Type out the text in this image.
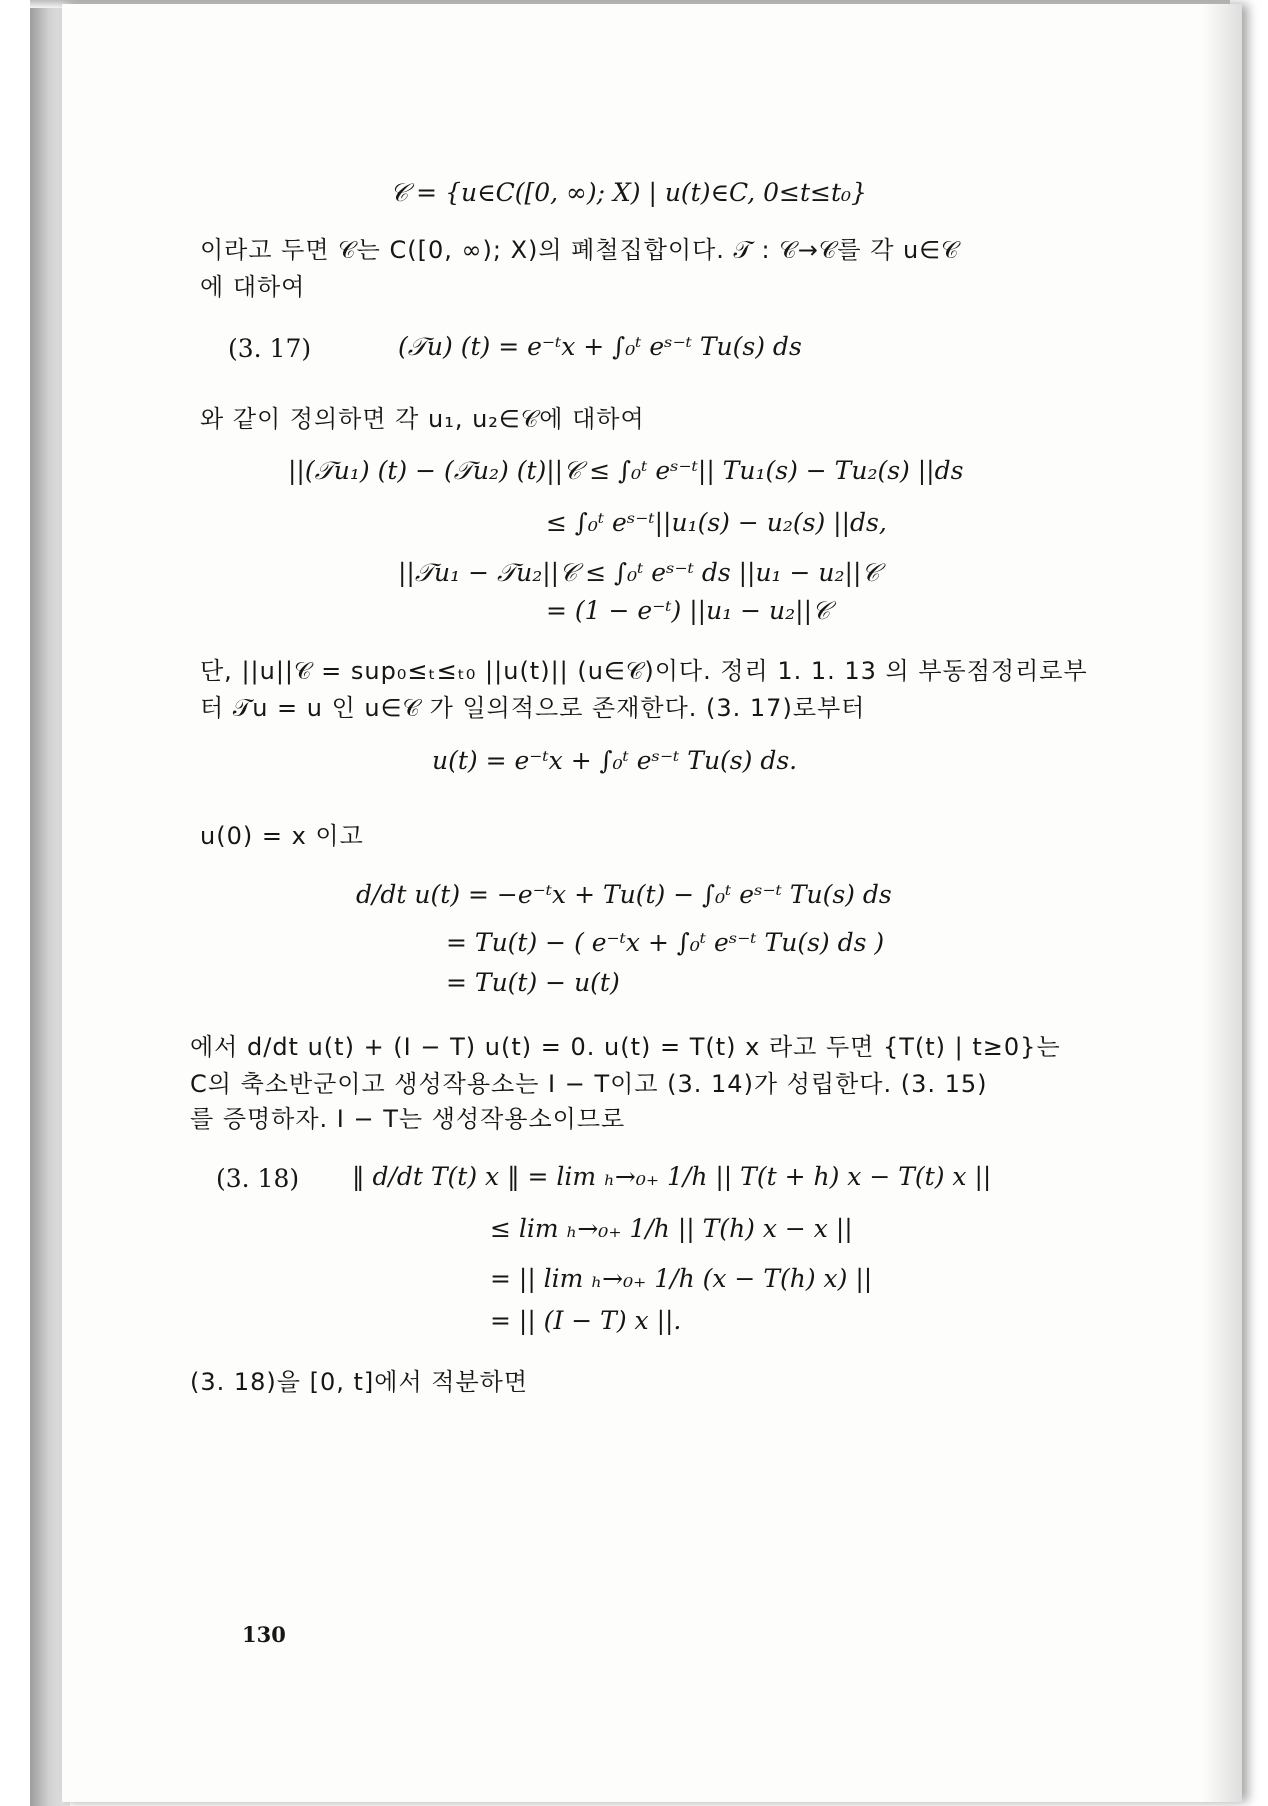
𝒞 = {u∈C([0, ∞); X) | u(t)∈C, 0≤t≤t₀}
이라고 두면 𝒞는 C([0, ∞); X)의 폐철집합이다. 𝒯 : 𝒞→𝒞를 각 u∈𝒞
에 대하여
(3. 17)	(𝒯u) (t) = e⁻ᵗx + ∫₀ᵗ eˢ⁻ᵗ Tu(s) ds
와 같이 정의하면 각 u₁, u₂∈𝒞에 대하여
||(𝒯u₁) (t) − (𝒯u₂) (t)||𝒞 ≤ ∫₀ᵗ eˢ⁻ᵗ|| Tu₁(s) − Tu₂(s) ||ds
≤ ∫₀ᵗ eˢ⁻ᵗ||u₁(s) − u₂(s) ||ds,
||𝒯u₁ − 𝒯u₂||𝒞 ≤ ∫₀ᵗ eˢ⁻ᵗ ds ||u₁ − u₂||𝒞
= (1 − e⁻ᵗ) ||u₁ − u₂||𝒞
단, ||u||𝒞 = sup₀≤ₜ≤ₜ₀ ||u(t)|| (u∈𝒞)이다. 정리 1. 1. 13 의 부동점정리로부
터 𝒯u = u 인 u∈𝒞 가 일의적으로 존재한다. (3. 17)로부터
u(t) = e⁻ᵗx + ∫₀ᵗ eˢ⁻ᵗ Tu(s) ds.
u(0) = x 이고
d/dt u(t) = −e⁻ᵗx + Tu(t) − ∫₀ᵗ eˢ⁻ᵗ Tu(s) ds
= Tu(t) − ( e⁻ᵗx + ∫₀ᵗ eˢ⁻ᵗ Tu(s) ds )
= Tu(t) − u(t)
에서 d/dt u(t) + (I − T) u(t) = 0. u(t) = T(t) x 라고 두면 {T(t) | t≥0}는
C의 축소반군이고 생성작용소는 I − T이고 (3. 14)가 성립한다. (3. 15)
를 증명하자. I − T는 생성작용소이므로
(3. 18) ‖ d/dt T(t) x ‖ = lim ₕ→₀₊ 1/h || T(t + h) x − T(t) x ||
≤ lim ₕ→₀₊ 1/h || T(h) x − x ||
= || lim ₕ→₀₊ 1/h (x − T(h) x) ||
= || (I − T) x ||.
(3. 18)을 [0, t]에서 적분하면
130
